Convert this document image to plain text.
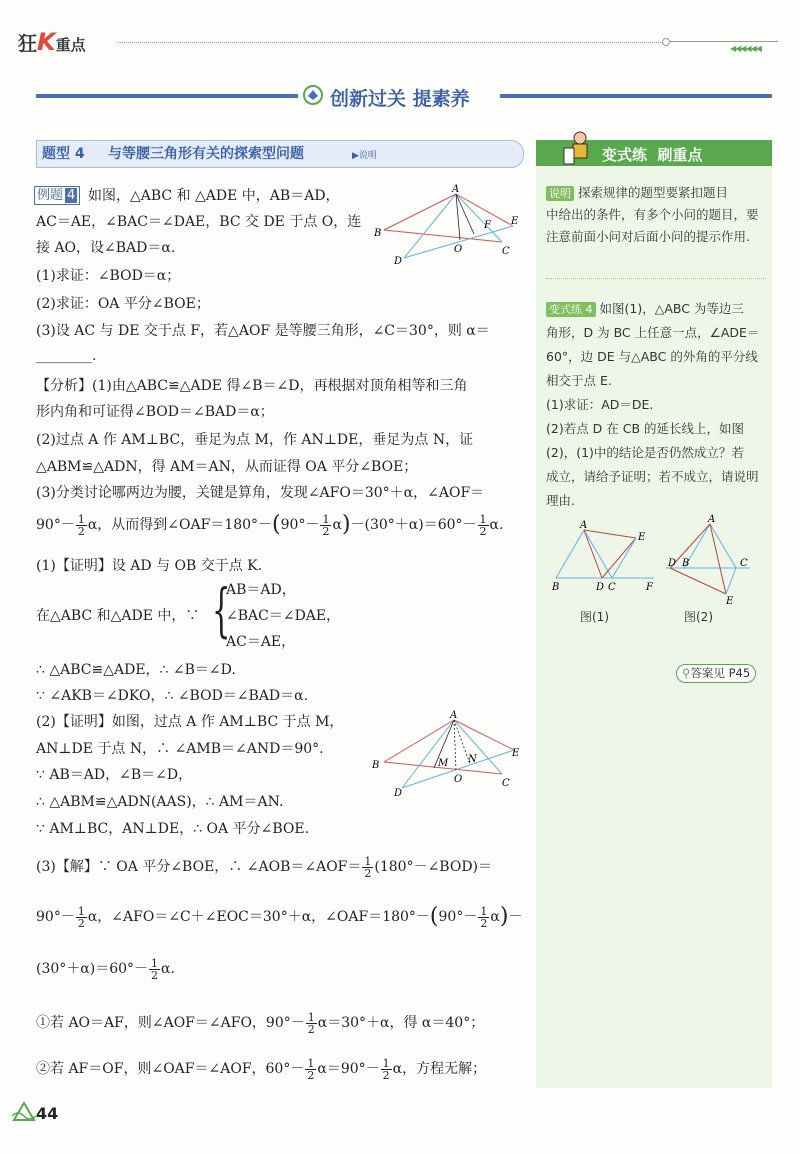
狂K重点	◀◀◀◀◀◀
创新过关 提素养
题型 4 与等腰三角形有关的探索型问题	▶说明
例题 4 如图，△ABC 和 △ADE 中，AB＝AD，
AC＝AE，∠BAC＝∠DAE，BC 交 DE 于点 O，连
接 AO，设∠BAD＝α.
(1)求证：∠BOD＝α；
(2)求证：OA 平分∠BOE；
(3)设 AC 与 DE 交于点 F，若△AOF 是等腰三角形，∠C＝30°，则 α＝
________.
A
B
C
D
E
F
O
【分析】(1)由△ABC≌△ADE 得∠B＝∠D，再根据对顶角相等和三角
形内角和可证得∠BOD＝∠BAD＝α；
(2)过点 A 作 AM⊥BC，垂足为点 M，作 AN⊥DE，垂足为点 N，证
△ABM≌△ADN，得 AM＝AN，从而证得 OA 平分∠BOE；
(3)分类讨论哪两边为腰，关键是算角，发现∠AFO＝30°＋α，∠AOF＝
$90^\circ- \frac{1}{2}$ α，从而得到∠OAF＝180°－(90°－ $\frac{1}{2} \alpha)-(30^\circ+\alpha)=60^\circ- \frac{1}{2} \alpha$.
(1)【证明】设 AD 与 OB 交于点 K.
在△ABC 和△ADE 中，∵ {
AB＝AD，
∠BAC＝∠DAE，
AC＝AE，
∴ △ABC≌△ADE，∴ ∠B＝∠D.
∵ ∠AKB＝∠DKO，∴ ∠BOD＝∠BAD＝α.
(2)【证明】如图，过点 A 作 AM⊥BC 于点 M，
AN⊥DE 于点 N，∴ ∠AMB＝∠AND＝90°.
∵ AB＝AD，∠B＝∠D，
∴ △ABM≌△ADN(AAS)，∴ AM＝AN.
∵ AM⊥BC，AN⊥DE，∴ OA 平分∠BOE.
A
B
C
D
E
N
M
O
(3)【解】∵ OA 平分∠BOE，∴ ∠AOB＝∠AOF＝ $\frac{1}{2}$ (180°－∠BOD)＝
$90^\circ- \frac{1}{2}$ α，∠AFO＝∠C＋∠EOC＝30°＋α，∠OAF＝180°－(90°－ $\frac{1}{2} \alpha)-$
$(30^\circ+\alpha)=60^\circ- \frac{1}{2} \alpha$.
①若 AO＝AF，则∠AOF＝∠AFO，$90^\circ- \frac{1}{2} \alpha=30^\circ+\alpha$，得 α＝40°；
②若 AF＝OF，则∠OAF＝∠AOF，$60^\circ- \frac{1}{2} \alpha=90^\circ- \frac{1}{2}$ α，方程无解；
变式练  刷重点
说明 探索规律的题型要紧扣题目
中给出的条件，有多个小问的题目，要
注意前面小问对后面小问的提示作用.
变式练 4 如图(1)，△ABC 为等边三
角形，D 为 BC 上任意一点，∠ADE＝
60°，边 DE 与△ABC 的外角的平分线
相交于点 E.
(1)求证：AD＝DE.
(2)若点 D 在 CB 的延长线上，如图
(2)，(1)中的结论是否仍然成立？若
成立，请给予证明；若不成立，请说明
理由.
A
B	D C	F
E
图(1)
A
D B	C
E
图(2)
⚲答案见 P45
44
